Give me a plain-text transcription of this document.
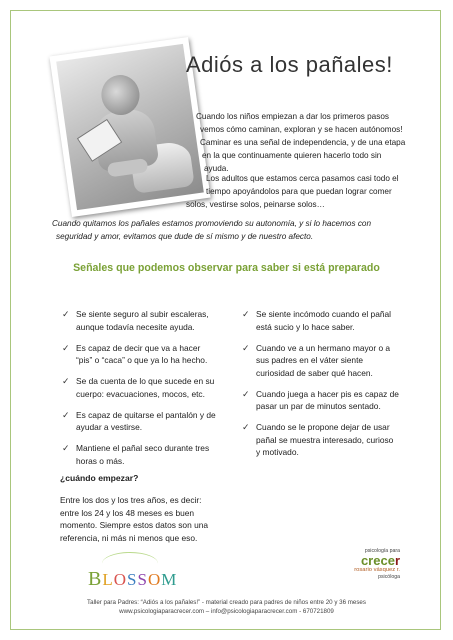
Adiós a los pañales!
Cuando los niños empiezan a dar los primeros pasos
vemos cómo caminan, exploran y se hacen autónomos!
Caminar es una señal de independencia, y de una etapa
en la que continuamente quieren hacerlo todo sin
ayuda.
Los adultos que estamos cerca pasamos casi todo el
tiempo apoyándolos para que puedan lograr comer
solos, vestirse solos, peinarse solos…
Cuando quitamos los pañales estamos promoviendo su autonomía, y si lo hacemos con
seguridad y amor, evitamos que dude de sí mismo y de nuestro afecto.
Señales que podemos observar para saber si está preparado
✓ Se siente seguro al subir escaleras,
aunque todavía necesite ayuda.
✓ Es capaz de decir que va a hacer
“pis” o “caca” o que ya lo ha hecho.
✓ Se da cuenta de lo que sucede en su
cuerpo: evacuaciones, mocos, etc.
✓ Es capaz de quitarse el pantalón y de
ayudar a vestirse.
✓ Mantiene el pañal seco durante tres
horas o más.
✓ Se siente incómodo cuando el pañal
está sucio y lo hace saber.
✓ Cuando ve a un hermano mayor o a
sus padres en el váter siente
curiosidad de saber qué hacen.
✓ Cuando juega a hacer pis es capaz de
pasar un par de minutos sentado.
✓ Cuando se le propone dejar de usar
pañal se muestra interesado, curioso
y motivado.
¿cuándo empezar?
Entre los dos y los tres años, es decir:
entre los 24 y los 48 meses es buen
momento. Siempre estos datos son una
referencia, ni más ni menos que eso.
BLOSSOM
psicología para
crecer
rosario vásquez r.
psicóloga
Taller para Padres: “Adiós a los pañales!” - material creado para padres de niños entre 20 y 36 meses
www.psicologiaparacrecer.com – info@psicologiaparacrecer.com - 670721809
